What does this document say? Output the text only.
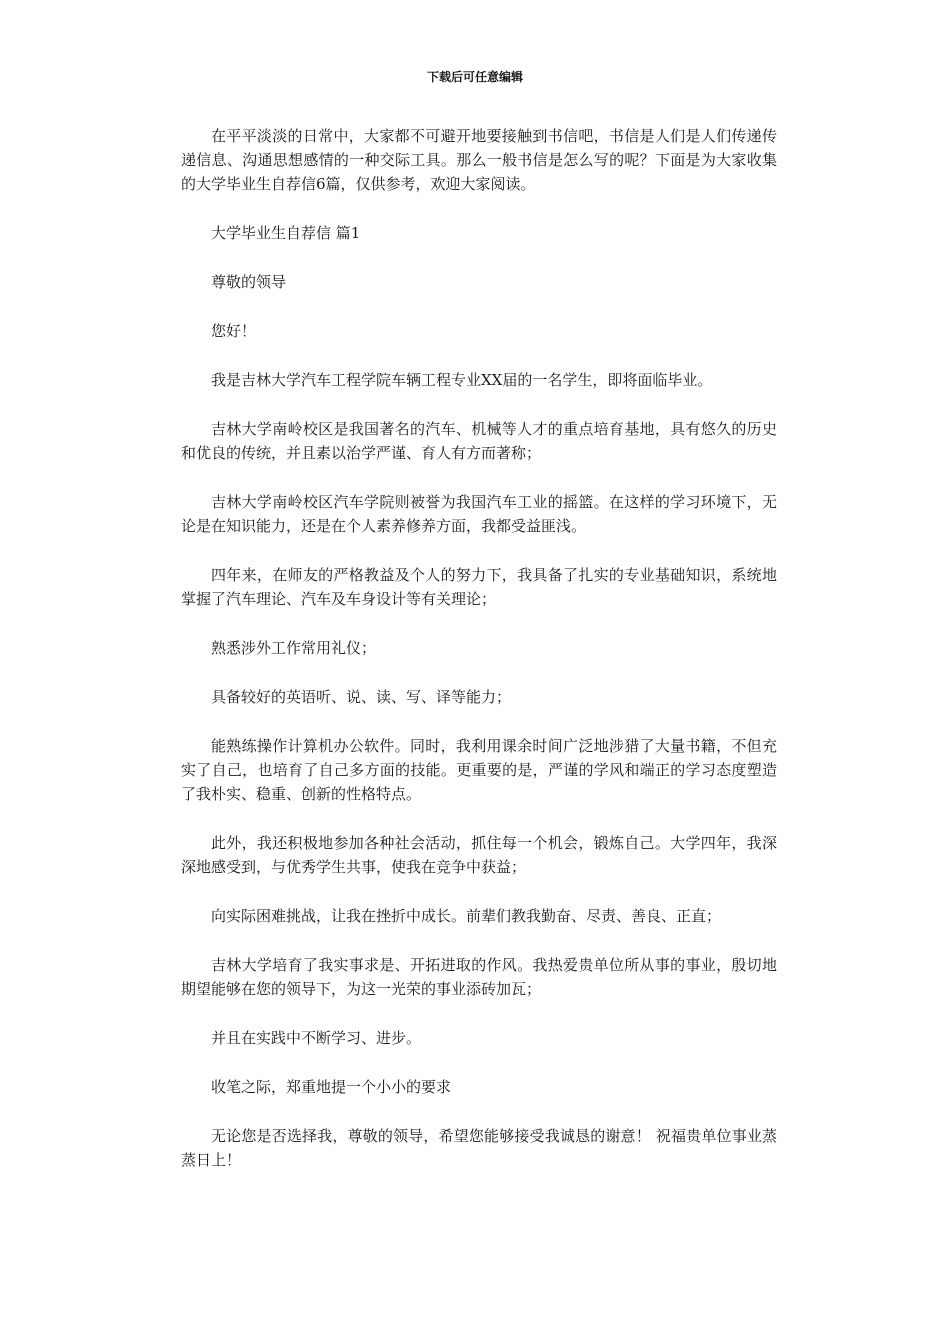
下载后可任意编辑

在平平淡淡的日常中，大家都不可避开地要接触到书信吧，书信是人们是人们传递传递信息、沟通思想感情的一种交际工具。那么一般书信是怎么写的呢？下面是为大家收集的大学毕业生自荐信6篇，仅供参考，欢迎大家阅读。

大学毕业生自荐信 篇1

尊敬的领导

您好！

我是吉林大学汽车工程学院车辆工程专业XX届的一名学生，即将面临毕业。

吉林大学南岭校区是我国著名的汽车、机械等人才的重点培育基地，具有悠久的历史和优良的传统，并且素以治学严谨、育人有方而著称；

吉林大学南岭校区汽车学院则被誉为我国汽车工业的摇篮。在这样的学习环境下，无论是在知识能力，还是在个人素养修养方面，我都受益匪浅。

四年来，在师友的严格教益及个人的努力下，我具备了扎实的专业基础知识，系统地掌握了汽车理论、汽车及车身设计等有关理论；

熟悉涉外工作常用礼仪；

具备较好的英语听、说、读、写、译等能力；

能熟练操作计算机办公软件。同时，我利用课余时间广泛地涉猎了大量书籍，不但充实了自己，也培育了自己多方面的技能。更重要的是，严谨的学风和端正的学习态度塑造了我朴实、稳重、创新的性格特点。

此外，我还积极地参加各种社会活动，抓住每一个机会，锻炼自己。大学四年，我深深地感受到，与优秀学生共事，使我在竞争中获益；

向实际困难挑战，让我在挫折中成长。前辈们教我勤奋、尽责、善良、正直；

吉林大学培育了我实事求是、开拓进取的作风。我热爱贵单位所从事的事业，殷切地期望能够在您的领导下，为这一光荣的事业添砖加瓦；

并且在实践中不断学习、进步。

收笔之际，郑重地提一个小小的要求

无论您是否选择我，尊敬的领导，希望您能够接受我诚恳的谢意！ 祝福贵单位事业蒸蒸日上！
